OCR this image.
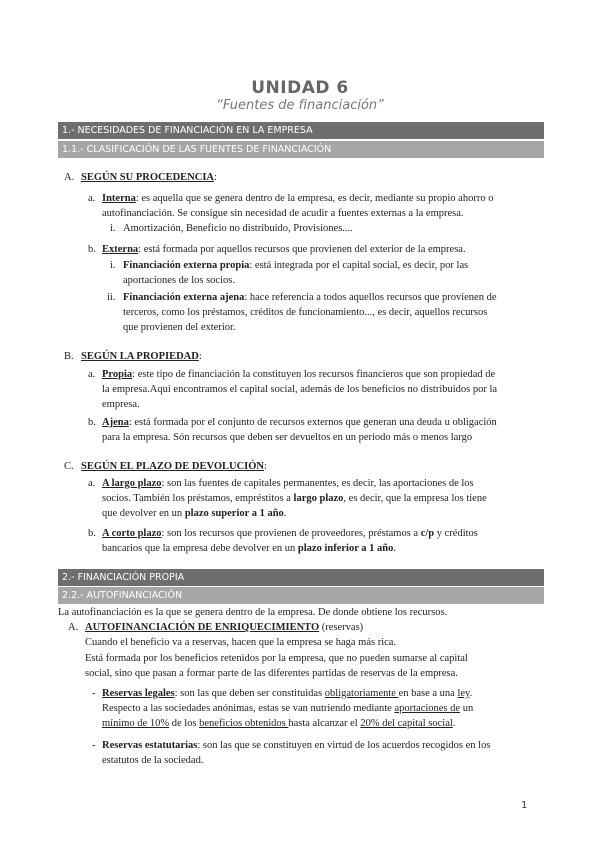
UNIDAD 6
“Fuentes de financiación”
1.- NECESIDADES DE FINANCIACIÓN EN LA EMPRESA
1.1.- CLASIFICACIÓN DE LAS FUENTES DE FINANCIACIÓN
A. SEGÚN SU PROCEDENCIA:
a. Interna: es aquella que se genera dentro de la empresa, es decir, mediante su propio ahorro o
autofinanciación. Se consigue sin necesidad de acudir a fuentes externas a la empresa.
i. Amortización, Beneficio no distribuido, Provisiones....
b. Externa: está formada por aquellos recursos que provienen del exterior de la empresa.
i. Financiación externa propia: está integrada por el capital social, es decir, por las
aportaciones de los socios.
ii. Financiación externa ajena: hace referencia a todos aquellos recursos que provienen de
terceros, como los préstamos, créditos de funcionamiento..., es decir, aquellos recursos
que provienen del exterior.
B. SEGÚN LA PROPIEDAD:
a. Propia: este tipo de financiación la constituyen los recursos financieros que son propiedad de
la empresa.Aqui encontramos el capital social, además de los beneficios no distribuidos por la
empresa.
b. Ajena: está formada por el conjunto de recursos externos que generan una deuda u obligación
para la empresa. Són recursos que deben ser devueltos en un periodo más o menos largo
C. SEGÚN EL PLAZO DE DEVOLUCIÓN:
a. A largo plazo: son las fuentes de capitales permanentes, es decir, las aportaciones de los
socios. También los préstamos, empréstitos a largo plazo, es decir, que la empresa los tiene
que devolver en un plazo superior a 1 año.
b. A corto plazo: son los recursos que provienen de proveedores, préstamos a c/p y créditos
bancarios que la empresa debe devolver en un plazo inferior a 1 año.
2.- FINANCIACIÓN PROPIA
2.2.- AUTOFINANCIACIÓN
La autofinanciación es la que se genera dentro de la empresa. De donde obtiene los recursos.
A. AUTOFINANCIACIÓN DE ENRIQUECIMIENTO (reservas)
Cuando el beneficio va a reservas, hacen que la empresa se haga más rica.
Está formada por los beneficios retenidos por la empresa, que no pueden sumarse al capital
social, sino que pasan a formar parte de las diferentes partidas de reservas de la empresa.
- Reservas legales: son las que deben ser constituidas obligatoriamente en base a una ley.
Respecto a las sociedades anónimas, estas se van nutriendo mediante aportaciones de un
mínimo de 10% de los beneficios obtenidos hasta alcanzar el 20% del capital social.
- Reservas estatutarias: son las que se constituyen en virtud de los acuerdos recogidos en los
estatutos de la sociedad.
1
